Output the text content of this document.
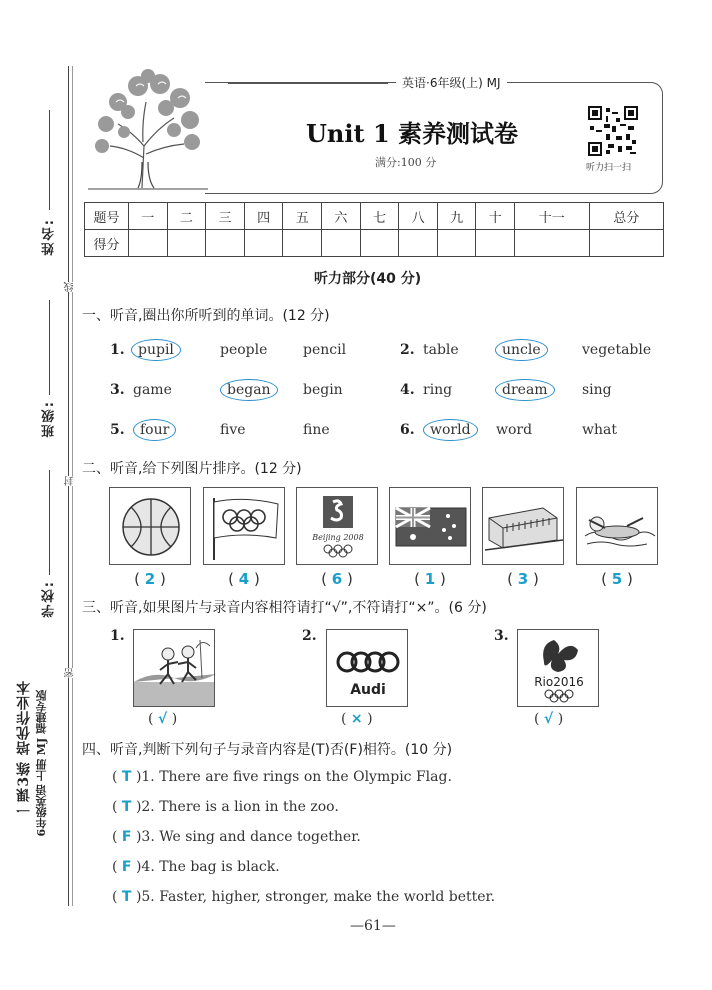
姓名:
班级:
学校:
线
封
密
一课3练 培优作业本 6年级英语 上册 MJ 福建专版
英语·6年级(上) MJ
Unit 1 素养测试卷
满分:100 分	听力扫一扫
题号	一	二	三	四	五	六	七	八	九	十	十一	总分
得分												
听力部分(40 分)
一、听音,圈出你所听到的单词。(12 分)
1. pupil	people	pencil	2. table	uncle	vegetable
3. game	began	begin	4. ring	dream	sing
5. four	five	fine	6. world	word	what
二、听音,给下列图片排序。(12 分)
Beijing 2008
( 2 )	( 4 )	( 6 )	( 1 )	( 3 )	( 5 )
三、听音,如果图片与录音内容相符请打“√”,不符请打“×”。(6 分)
1.
( √ )
2.
Audi
( × )
3.
Rio2016
( √ )
四、听音,判断下列句子与录音内容是(T)否(F)相符。(10 分)
( T )1. There are five rings on the Olympic Flag.
( T )2. There is a lion in the zoo.
( F )3. We sing and dance together.
( F )4. The bag is black.
( T )5. Faster, higher, stronger, make the world better.
—61—
